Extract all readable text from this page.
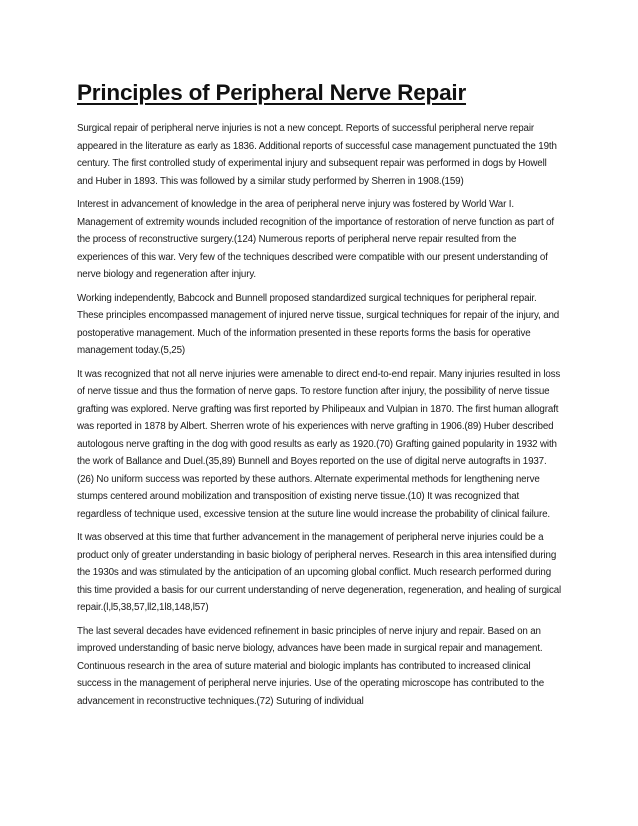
Principles of Peripheral Nerve Repair

Surgical repair of peripheral nerve injuries is not a new concept. Reports of successful peripheral nerve repair appeared in the literature as early as 1836. Additional reports of successful case management punctuated the 19th century. The first controlled study of experimental injury and subsequent repair was performed in dogs by Howell and Huber in 1893. This was followed by a similar study performed by Sherren in 1908.(159)

Interest in advancement of knowledge in the area of peripheral nerve injury was fostered by World War I. Management of extremity wounds included recognition of the importance of restoration of nerve function as part of the process of reconstructive surgery.(124) Numerous reports of peripheral nerve repair resulted from the experiences of this war. Very few of the techniques described were compatible with our present understanding of nerve biology and regeneration after injury.

Working independently, Babcock and Bunnell proposed standardized surgical techniques for peripheral repair. These principles encompassed management of injured nerve tissue, surgical techniques for repair of the injury, and postoperative management. Much of the information presented in these reports forms the basis for operative management today.(5,25)

It was recognized that not all nerve injuries were amenable to direct end-to-end repair. Many injuries resulted in loss of nerve tissue and thus the formation of nerve gaps. To restore function after injury, the possibility of nerve tissue grafting was explored. Nerve grafting was first reported by Philipeaux and Vulpian in 1870. The first human allograft was reported in 1878 by Albert. Sherren wrote of his experiences with nerve grafting in 1906.(89) Huber described autologous nerve grafting in the dog with good results as early as 1920.(70) Grafting gained popularity in 1932 with the work of Ballance and Duel.(35,89) Bunnell and Boyes reported on the use of digital nerve autografts in 1937.(26) No uniform success was reported by these authors. Alternate experimental methods for lengthening nerve stumps centered around mobilization and transposition of existing nerve tissue.(10) It was recognized that regardless of technique used, excessive tension at the suture line would increase the probability of clinical failure.

It was observed at this time that further advancement in the management of peripheral nerve injuries could be a product only of greater understanding in basic biology of peripheral nerves. Research in this area intensified during the 1930s and was stimulated by the anticipation of an upcoming global conflict. Much research performed during this time provided a basis for our current understanding of nerve degeneration, regeneration, and healing of surgical repair.(l,l5,38,57,ll2,1l8,148,l57)

The last several decades have evidenced refinement in basic principles of nerve injury and repair. Based on an improved understanding of basic nerve biology, advances have been made in surgical repair and management. Continuous research in the area of suture material and biologic implants has contributed to increased clinical success in the management of peripheral nerve injuries. Use of the operating microscope has contributed to the advancement in reconstructive techniques.(72) Suturing of individual
